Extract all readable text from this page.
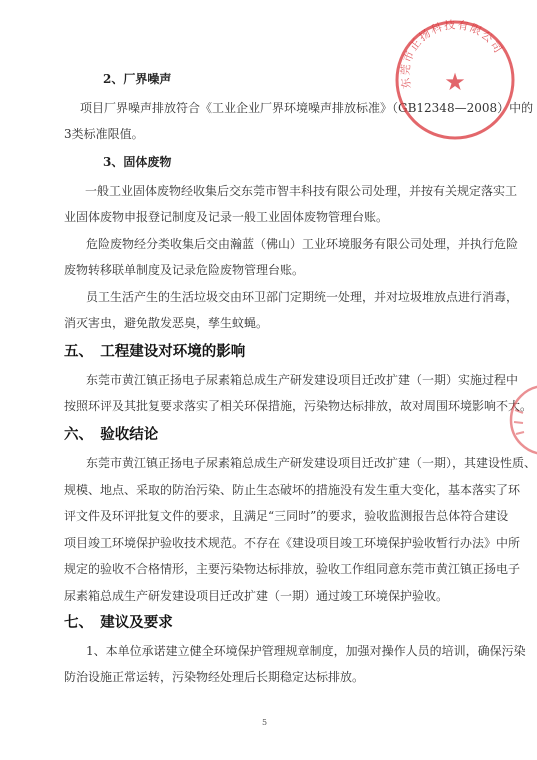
2、厂界噪声
项目厂界噪声排放符合《工业企业厂界环境噪声排放标准》（GB12348—2008）中的
3类标准限值。
3、固体废物
一般工业固体废物经收集后交东莞市智丰科技有限公司处理，并按有关规定落实工
业固体废物申报登记制度及记录一般工业固体废物管理台账。
危险废物经分类收集后交由瀚蓝（佛山）工业环境服务有限公司处理，并执行危险
废物转移联单制度及记录危险废物管理台账。
员工生活产生的生活垃圾交由环卫部门定期统一处理，并对垃圾堆放点进行消毒，
消灭害虫，避免散发恶臭，孳生蚊蝇。
五、　工程建设对环境的影响
东莞市黄江镇正扬电子尿素箱总成生产研发建设项目迁改扩建（一期）实施过程中
按照环评及其批复要求落实了相关环保措施，污染物达标排放，故对周围环境影响不大。
六、　验收结论
东莞市黄江镇正扬电子尿素箱总成生产研发建设项目迁改扩建（一期），其建设性质、
规模、地点、采取的防治污染、防止生态破坏的措施没有发生重大变化，基本落实了环
评文件及环评批复文件的要求，且满足“三同时”的要求，验收监测报告总体符合建设
项目竣工环境保护验收技术规范。不存在《建设项目竣工环境保护验收暂行办法》中所
规定的验收不合格情形，主要污染物达标排放，验收工作组同意东莞市黄江镇正扬电子
尿素箱总成生产研发建设项目迁改扩建（一期）通过竣工环境保护验收。
七、　建议及要求
1、本单位承诺建立健全环境保护管理规章制度，加强对操作人员的培训，确保污染
防治设施正常运转，污染物经处理后长期稳定达标排放。
5
东莞市正扬科技有限公司
★
